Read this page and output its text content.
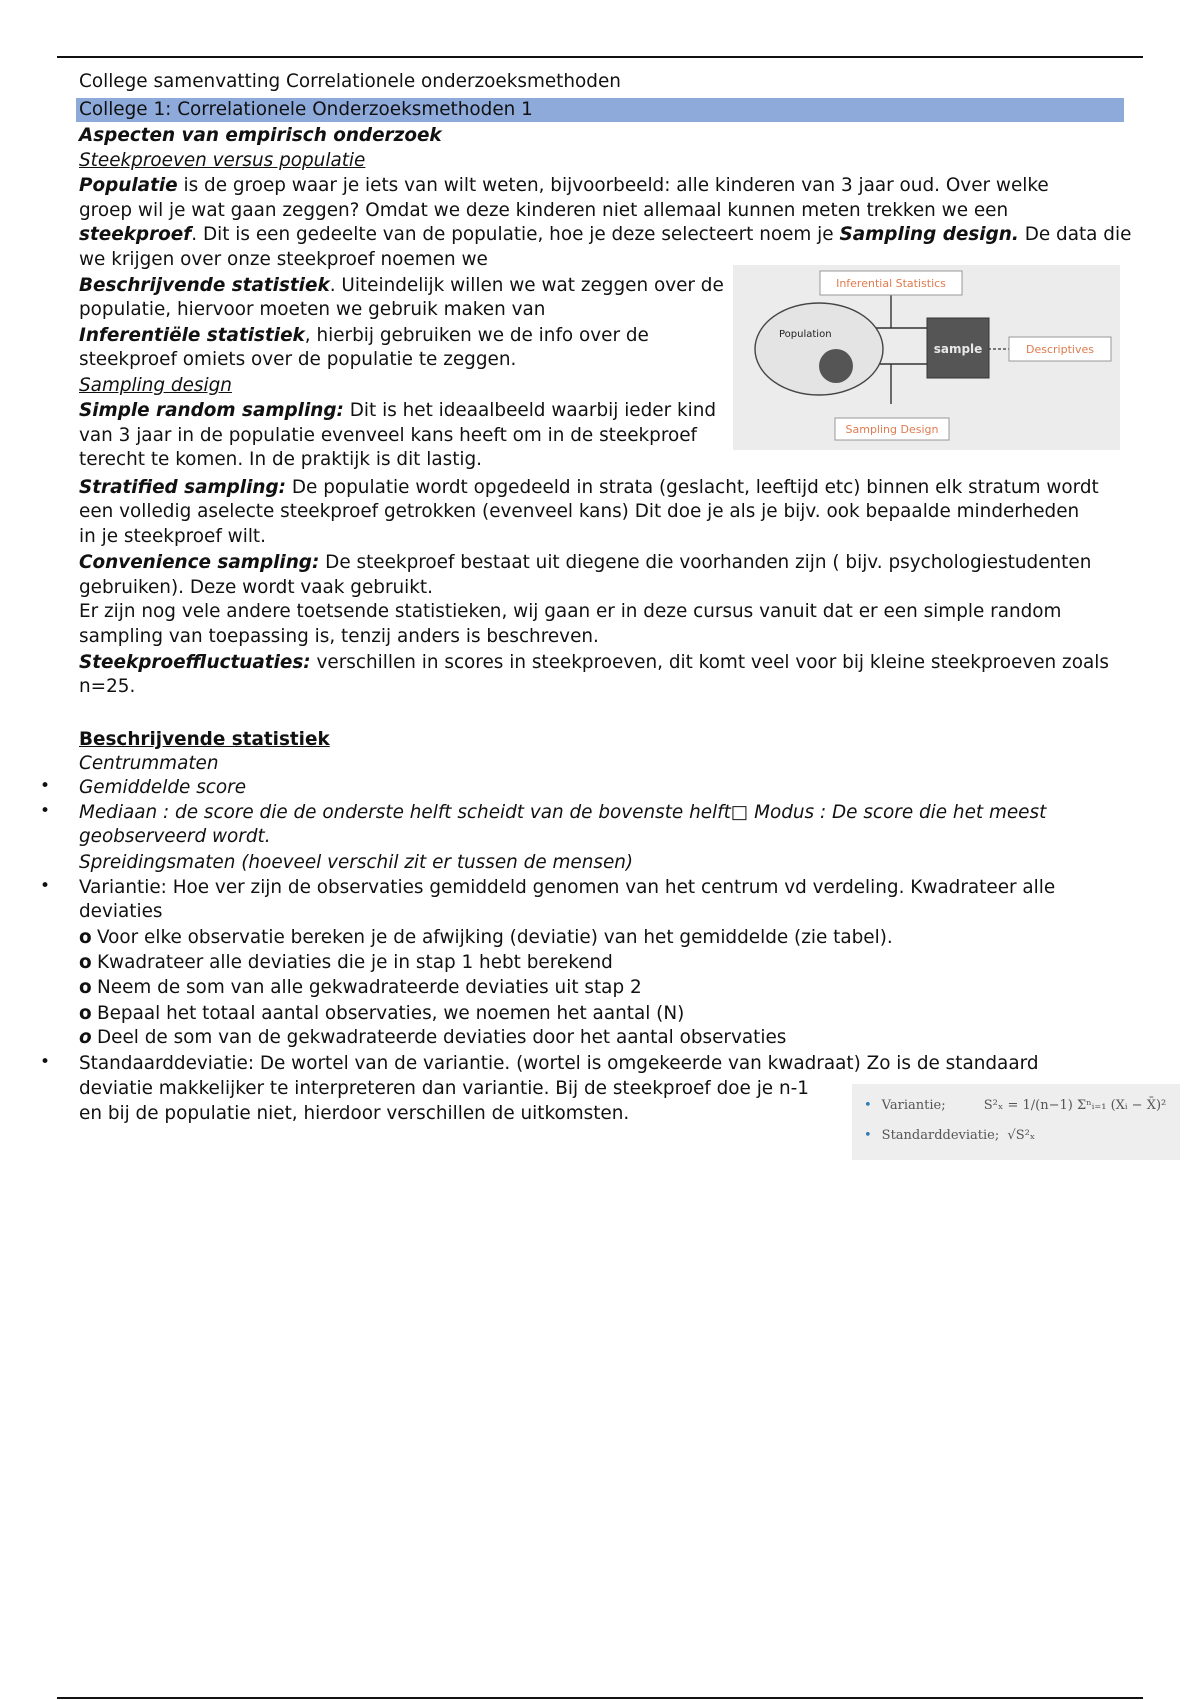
College samenvatting Correlationele onderzoeksmethoden
College 1: Correlationele Onderzoeksmethoden 1
Aspecten van empirisch onderzoek
Steekproeven versus populatie
Populatie is de groep waar je iets van wilt weten, bijvoorbeeld: alle kinderen van 3 jaar oud. Over welke
groep wil je wat gaan zeggen? Omdat we deze kinderen niet allemaal kunnen meten trekken we een
steekproef. Dit is een gedeelte van de populatie, hoe je deze selecteert noem je Sampling design. De data die
we krijgen over onze steekproef noemen we
Beschrijvende statistiek. Uiteindelijk willen we wat zeggen over de
populatie, hiervoor moeten we gebruik maken van
Inferentiële statistiek, hierbij gebruiken we de info over de
steekproef omiets over de populatie te zeggen.
Sampling design
Simple random sampling: Dit is het ideaalbeeld waarbij ieder kind
van 3 jaar in de populatie evenveel kans heeft om in de steekproef
terecht te komen. In de praktijk is dit lastig.
Population
sample
Inferential Statistics
Descriptives
Sampling Design
Stratified sampling: De populatie wordt opgedeeld in strata (geslacht, leeftijd etc) binnen elk stratum wordt
een volledig aselecte steekproef getrokken (evenveel kans) Dit doe je als je bijv. ook bepaalde minderheden
in je steekproef wilt.
Convenience sampling: De steekproef bestaat uit diegene die voorhanden zijn ( bijv. psychologiestudenten
gebruiken). Deze wordt vaak gebruikt.
Er zijn nog vele andere toetsende statistieken, wij gaan er in deze cursus vanuit dat er een simple random
sampling van toepassing is, tenzij anders is beschreven.
Steekproeffluctuaties: verschillen in scores in steekproeven, dit komt veel voor bij kleine steekproeven zoals
n=25.
Beschrijvende statistiek
Centrummaten
• Gemiddelde score
• Mediaan : de score die de onderste helft scheidt van de bovenste helft□ Modus : De score die het meest
geobserveerd wordt.
Spreidingsmaten (hoeveel verschil zit er tussen de mensen)
• Variantie: Hoe ver zijn de observaties gemiddeld genomen van het centrum vd verdeling. Kwadrateer alle
deviaties
o Voor elke observatie bereken je de afwijking (deviatie) van het gemiddelde (zie tabel).
o Kwadrateer alle deviaties die je in stap 1 hebt berekend
o Neem de som van alle gekwadrateerde deviaties uit stap 2
o Bepaal het totaal aantal observaties, we noemen het aantal (N)
o Deel de som van de gekwadrateerde deviaties door het aantal observaties
• Standaarddeviatie: De wortel van de variantie. (wortel is omgekeerde van kwadraat) Zo is de standaard
deviatie makkelijker te interpreteren dan variantie. Bij de steekproef doe je n-1
en bij de populatie niet, hierdoor verschillen de uitkomsten.	• Variantie;	S²ₓ = 1/(n−1) Σⁿᵢ₌₁ (Xᵢ − X̄)²
• Standarddeviatie; √S²ₓ
